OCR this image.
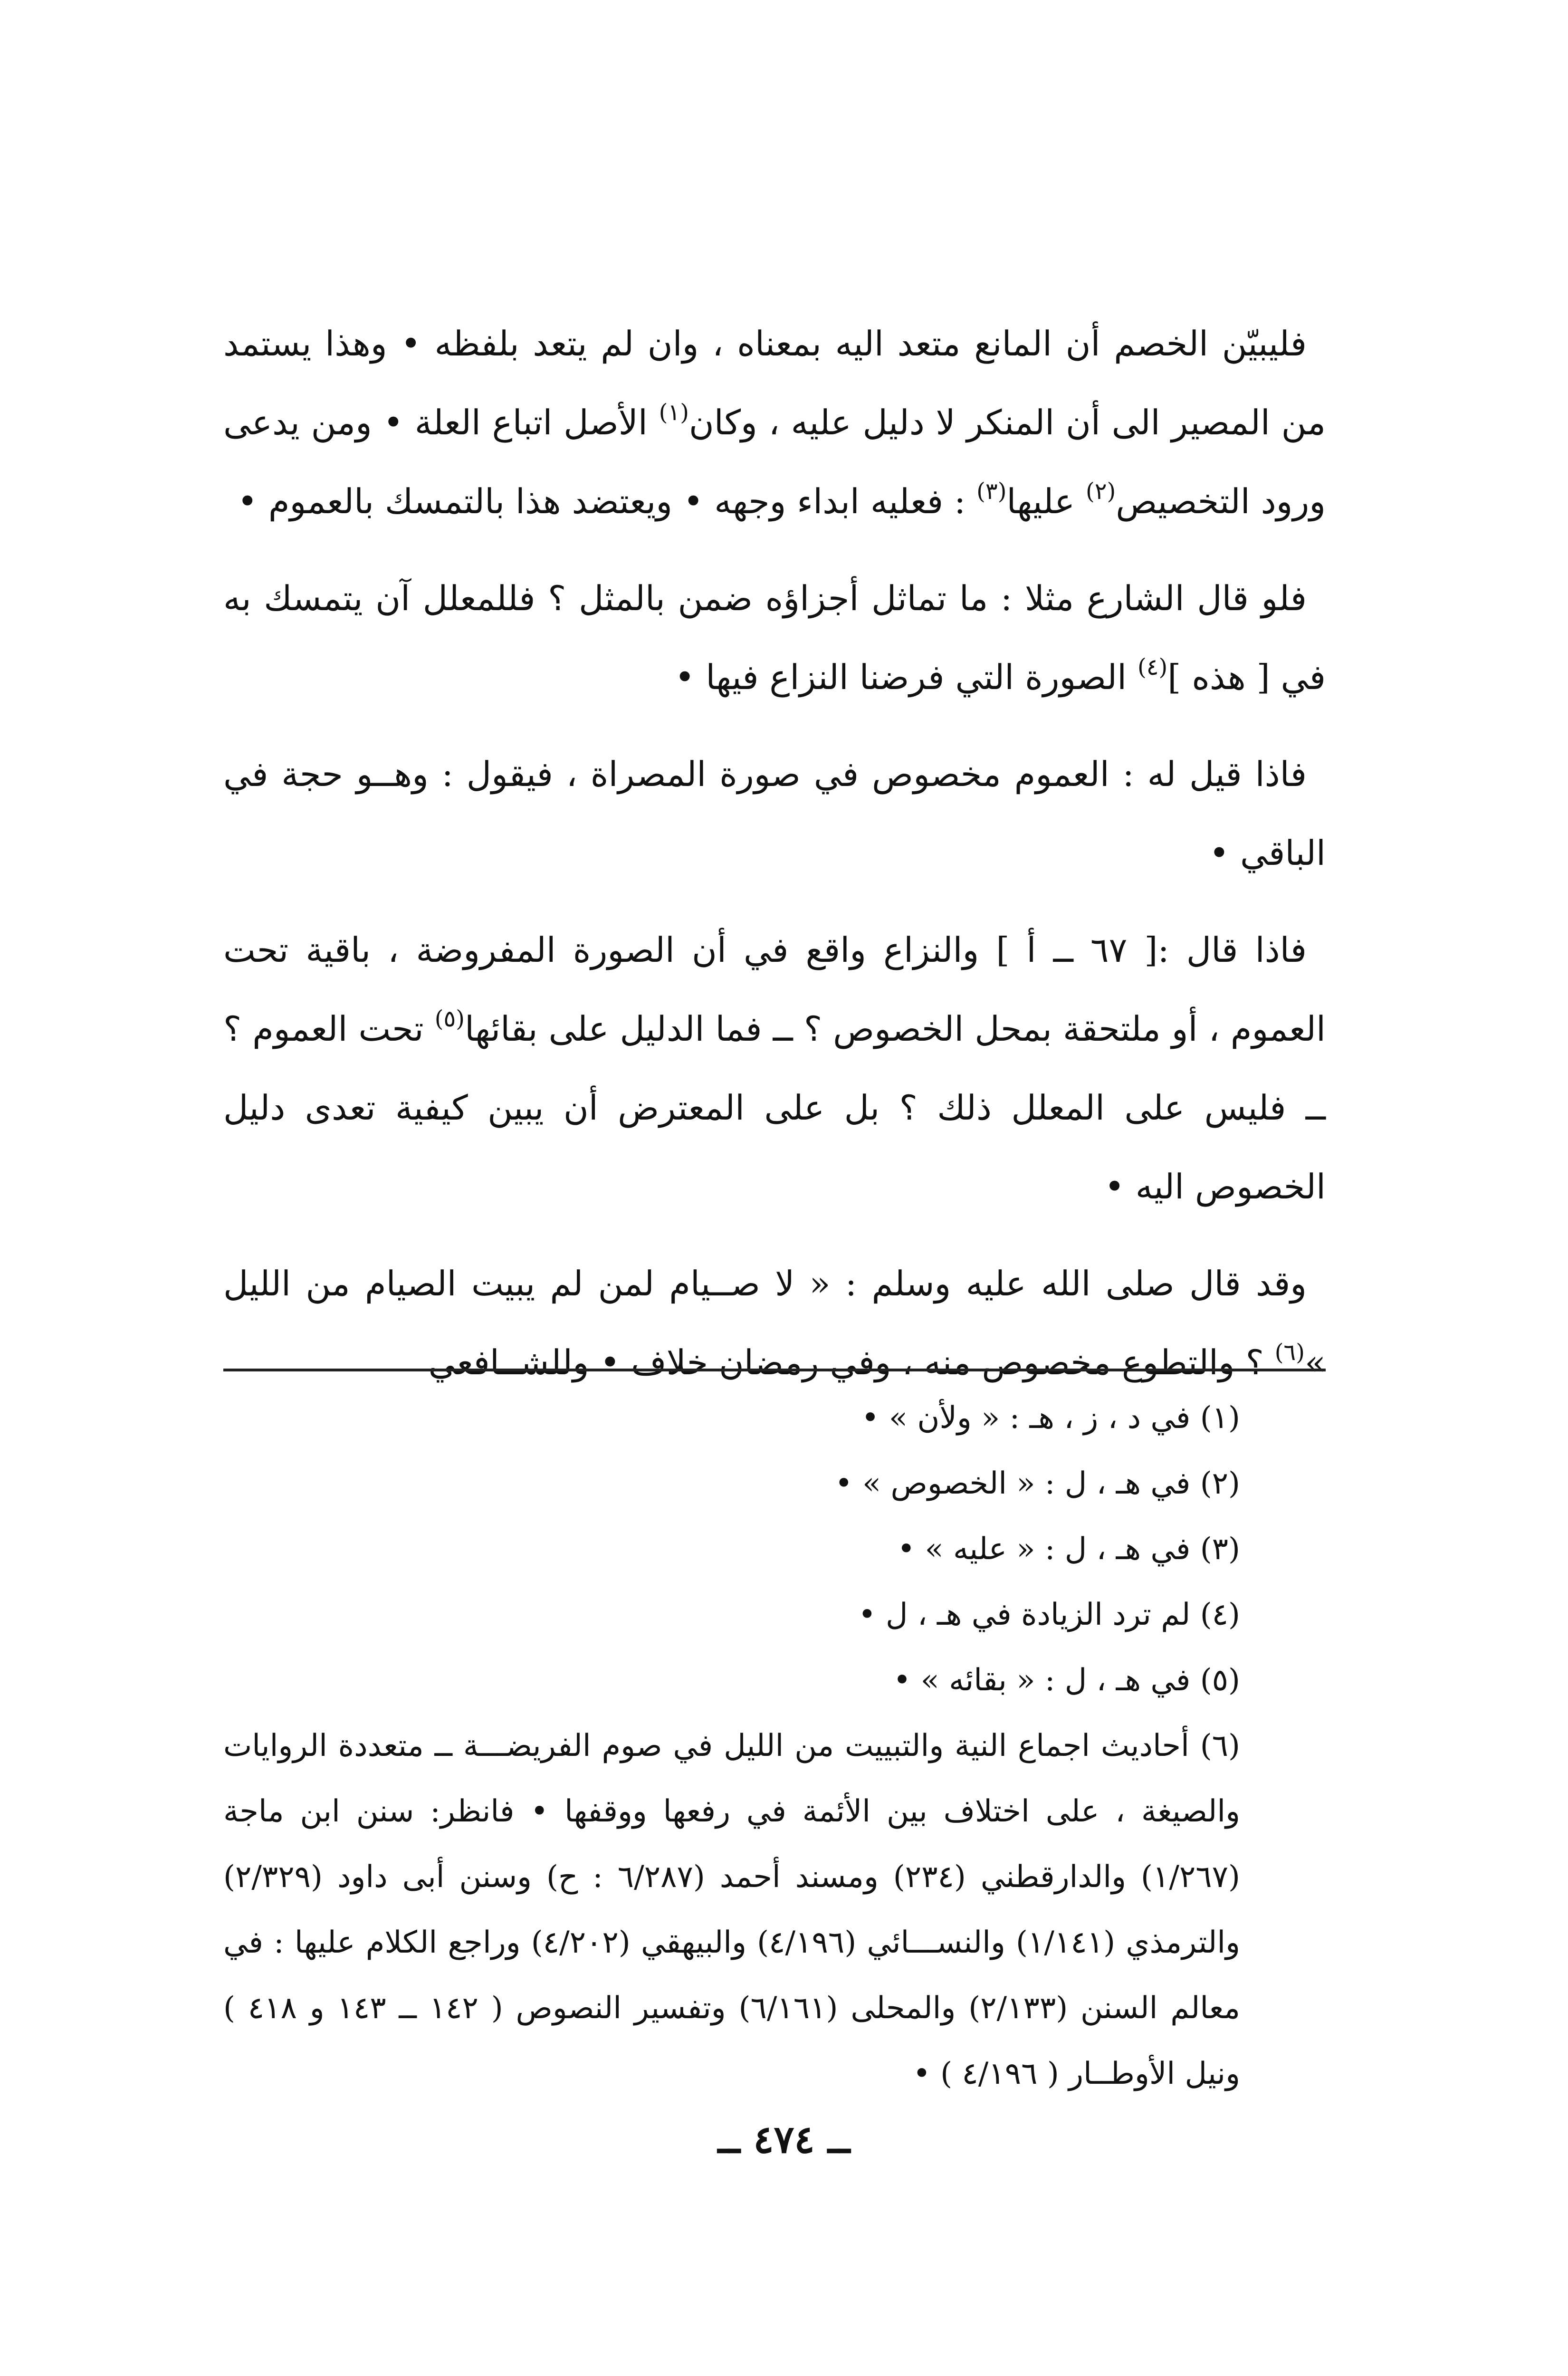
فليبيّن الخصم أن المانع متعد اليه بمعناه ، وان لم يتعد بلفظه • وهذا يستمد من المصير الى أن المنكر لا دليل عليه ، وكان$^{(١)}$ الأصل اتباع العلة • ومن يدعى ورود التخصيص$^{(٢)}$ عليها$^{(٣)}$ : فعليه ابداء وجهه • ويعتضد هذا بالتمسك بالعموم •

فلو قال الشارع مثلا : ما تماثل أجزاؤه ضمن بالمثل ؟ فللمعلل آن يتمسك به في [ هذه ]$^{(٤)}$ الصورة التي فرضنا النزاع فيها •

فاذا قيل له : العموم مخصوص في صورة المصراة ، فيقول : وهــو حجة في الباقي •

فاذا قال :[ ٦٧ ــ أ ] والنزاع واقع في أن الصورة المفروضة ، باقية تحت العموم ، أو ملتحقة بمحل الخصوص ؟ ــ فما الدليل على بقائها$^{(٥)}$ تحت العموم ؟ ــ فليس على المعلل ذلك ؟ بل على المعترض أن يبين كيفية تعدى دليل الخصوص اليه •

وقد قال صلى الله عليه وسلم : « لا صــيام لمن لم يبيت الصيام من الليل »$^{(٦)}$ ؟ والتطوع مخصوص منه ، وفي رمضان خلاف • وللشــافعي

(١) في د ، ز ، هـ : « ولأن » •

(٢) في هـ ، ل : « الخصوص » •

(٣) في هـ ، ل : « عليه » •

(٤) لم ترد الزيادة في هـ ، ل •

(٥) في هـ ، ل : « بقائه » •

(٦) أحاديث اجماع النية والتبييت من الليل في صوم الفريضـــة ــ متعددة الروايات والصيغة ، على اختلاف بين الأئمة في رفعها ووقفها • فانظر: سنن ابن ماجة (١/٢٦٧) والدارقطني (٢٣٤) ومسند أحمد (٦/٢٨٧ : ح) وسنن أبى داود (٢/٣٢٩) والترمذي (١/١٤١) والنســـائي (٤/١٩٦) والبيهقي (٤/٢٠٢) وراجع الكلام عليها : في معالم السنن (٢/١٣٣) والمحلى (٦/١٦١) وتفسير النصوص ( ١٤٢ ــ ١٤٣ و ٤١٨ ) ونيل الأوطــار ( ٤/١٩٦ ) •

ــ ٤٧٤ ــ
